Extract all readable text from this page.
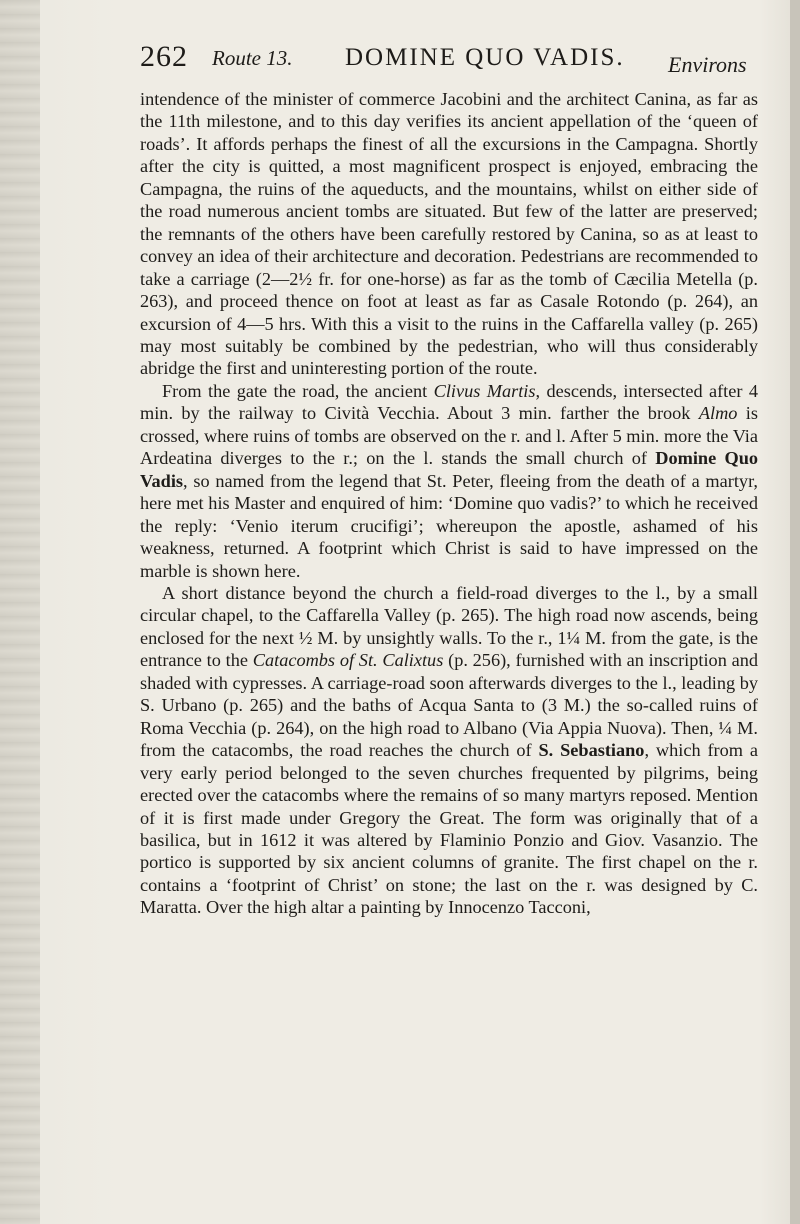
262 Route 13. DOMINE QUO VADIS. Environs

intendence of the minister of commerce Jacobini and the architect Canina, as far as the 11th milestone, and to this day verifies its ancient appellation of the ‘queen of roads’. It affords perhaps the finest of all the excursions in the Campagna. Shortly after the city is quitted, a most magnificent prospect is enjoyed, embracing the Campagna, the ruins of the aqueducts, and the mountains, whilst on either side of the road numerous ancient tombs are situated. But few of the latter are preserved; the remnants of the others have been carefully restored by Canina, so as at least to convey an idea of their architecture and decoration. Pedestrians are recommended to take a carriage (2—2½ fr. for one-horse) as far as the tomb of Cæcilia Metella (p. 263), and proceed thence on foot at least as far as Casale Rotondo (p. 264), an excursion of 4—5 hrs. With this a visit to the ruins in the Caffarella valley (p. 265) may most suitably be combined by the pedestrian, who will thus considerably abridge the first and uninteresting portion of the route.

From the gate the road, the ancient Clivus Martis, descends, intersected after 4 min. by the railway to Cività Vecchia. About 3 min. farther the brook Almo is crossed, where ruins of tombs are observed on the r. and l. After 5 min. more the Via Ardeatina diverges to the r.; on the l. stands the small church of Domine Quo Vadis, so named from the legend that St. Peter, fleeing from the death of a martyr, here met his Master and enquired of him: ‘Domine quo vadis?’ to which he received the reply: ‘Venio iterum crucifigi’; whereupon the apostle, ashamed of his weakness, returned. A footprint which Christ is said to have impressed on the marble is shown here.

A short distance beyond the church a field-road diverges to the l., by a small circular chapel, to the Caffarella Valley (p. 265). The high road now ascends, being enclosed for the next ½ M. by unsightly walls. To the r., 1¼ M. from the gate, is the entrance to the Catacombs of St. Calixtus (p. 256), furnished with an inscription and shaded with cypresses. A carriage-road soon afterwards diverges to the l., leading by S. Urbano (p. 265) and the baths of Acqua Santa to (3 M.) the so-called ruins of Roma Vecchia (p. 264), on the high road to Albano (Via Appia Nuova). Then, ¼ M. from the catacombs, the road reaches the church of S. Sebastiano, which from a very early period belonged to the seven churches frequented by pilgrims, being erected over the catacombs where the remains of so many martyrs reposed. Mention of it is first made under Gregory the Great. The form was originally that of a basilica, but in 1612 it was altered by Flaminio Ponzio and Giov. Vasanzio. The portico is supported by six ancient columns of granite. The first chapel on the r. contains a ‘footprint of Christ’ on stone; the last on the r. was designed by C. Maratta. Over the high altar a painting by Innocenzo Tacconi,
